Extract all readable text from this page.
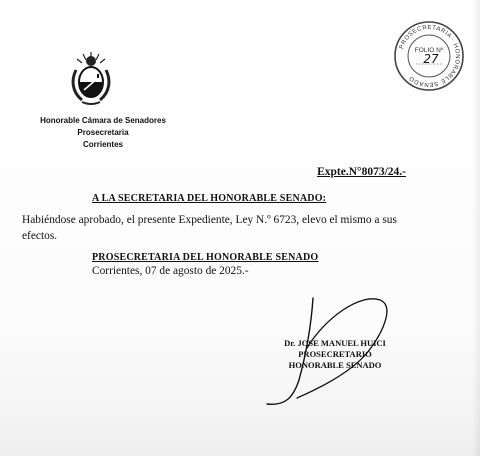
Honorable Cámara de Senadores
Prosecretaria
Corrientes
PROSECRETARIA · HONORABLE SENADO
FOLIO Nº
27
Expte.N°8073/24.-
A LA SECRETARIA DEL HONORABLE SENADO:
Habiéndose aprobado, el presente Expediente, Ley N.º 6723, elevo el mismo a sus efectos.
PROSECRETARIA DEL HONORABLE SENADO
Corrientes, 07 de agosto de 2025.-
Dr. JOSE MANUEL HUICI
PROSECRETARIO
HONORABLE SENADO
